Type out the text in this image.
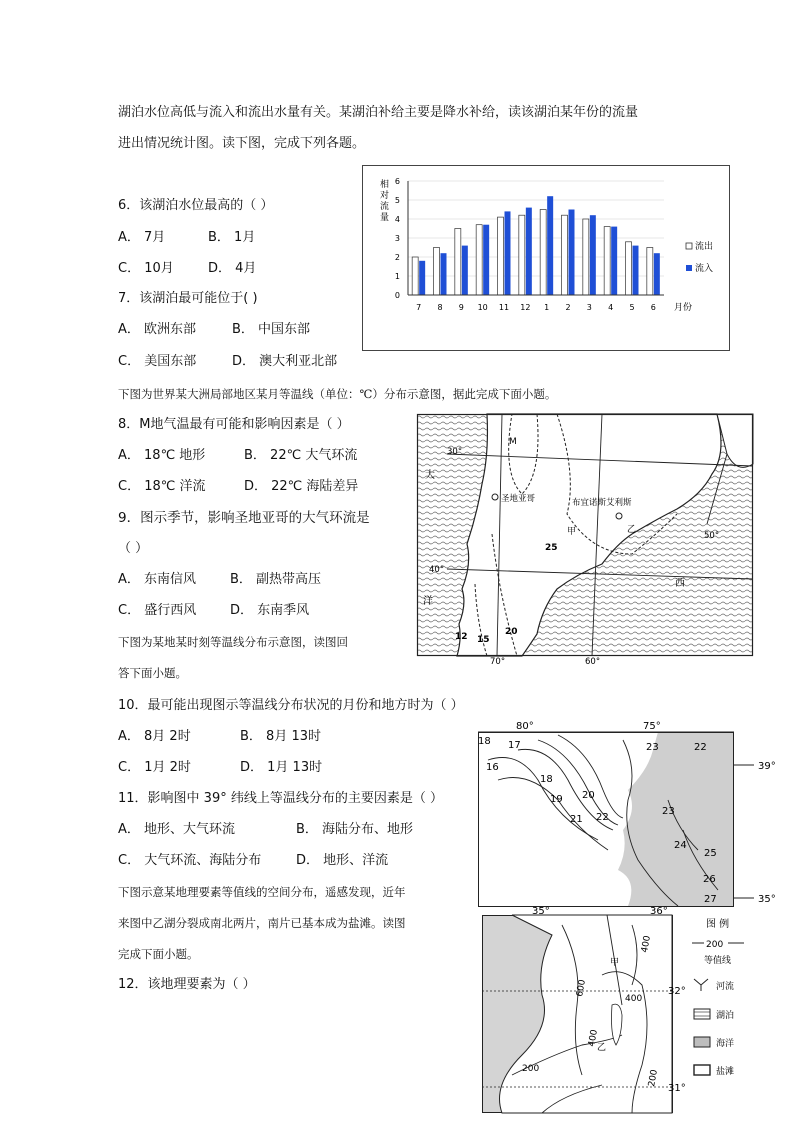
湖泊水位高低与流入和流出水量有关。某湖泊补给主要是降水补给，读该湖泊某年份的流量
进出情况统计图。读下图，完成下列各题。
6．该湖泊水位最高的（ ）
A． 7月	B． 1月
C． 10月	D． 4月
7．该湖泊最可能位于( )
A． 欧洲东部	B． 中国东部
C． 美国东部	D． 澳大利亚北部
相
对
流
量
0
1
2
3
4
5
6
7 8 9 10 11 12 1 2 3 4 5 6 月份
流出
流入
下图为世界某大洲局部地区某月等温线（单位：℃）分布示意图，据此完成下面小题。
8．M地气温最有可能和影响因素是（ ）
A． 18℃ 地形	B． 22℃ 大气环流
C． 18℃ 洋流	D． 22℃ 海陆差异
9．图示季节，影响圣地亚哥的大气环流是
（ ）
A． 东南信风	B． 副热带高压
C． 盛行西风	D． 东南季风
下图为某地某时刻等温线分布示意图，读图回
答下面小题。
M
圣地亚哥	布宜诺斯艾利斯
甲	乙
30°
40°
70°	60°
50°
25
20
15
12
大
洋
西
10．最可能出现图示等温线分布状况的月份和地方时为（ ）
A． 8月 2时	B． 8月 13时
C． 1月 2时	D． 1月 13时
11．影响图中 39° 纬线上等温线分布的主要因素是（ ）
A． 地形、大气环流	B． 海陆分布、地形
C． 大气环流、海陆分布	D． 地形、洋流
18 17
16
18
19 20
21 22
23	22
23
24
25
26
27
80°	75°
39°
35°
下图示意某地理要素等值线的空间分布，遥感发现，近年
来图中乙湖分裂成南北两片，南片已基本成为盐滩。读图
完成下面小题。
12．该地理要素为（ ）
35°	36°
32°
31°
400
600
400
400
200	200
甲
乙
图 例
200
等值线
河流
湖泊
海洋
盐滩
